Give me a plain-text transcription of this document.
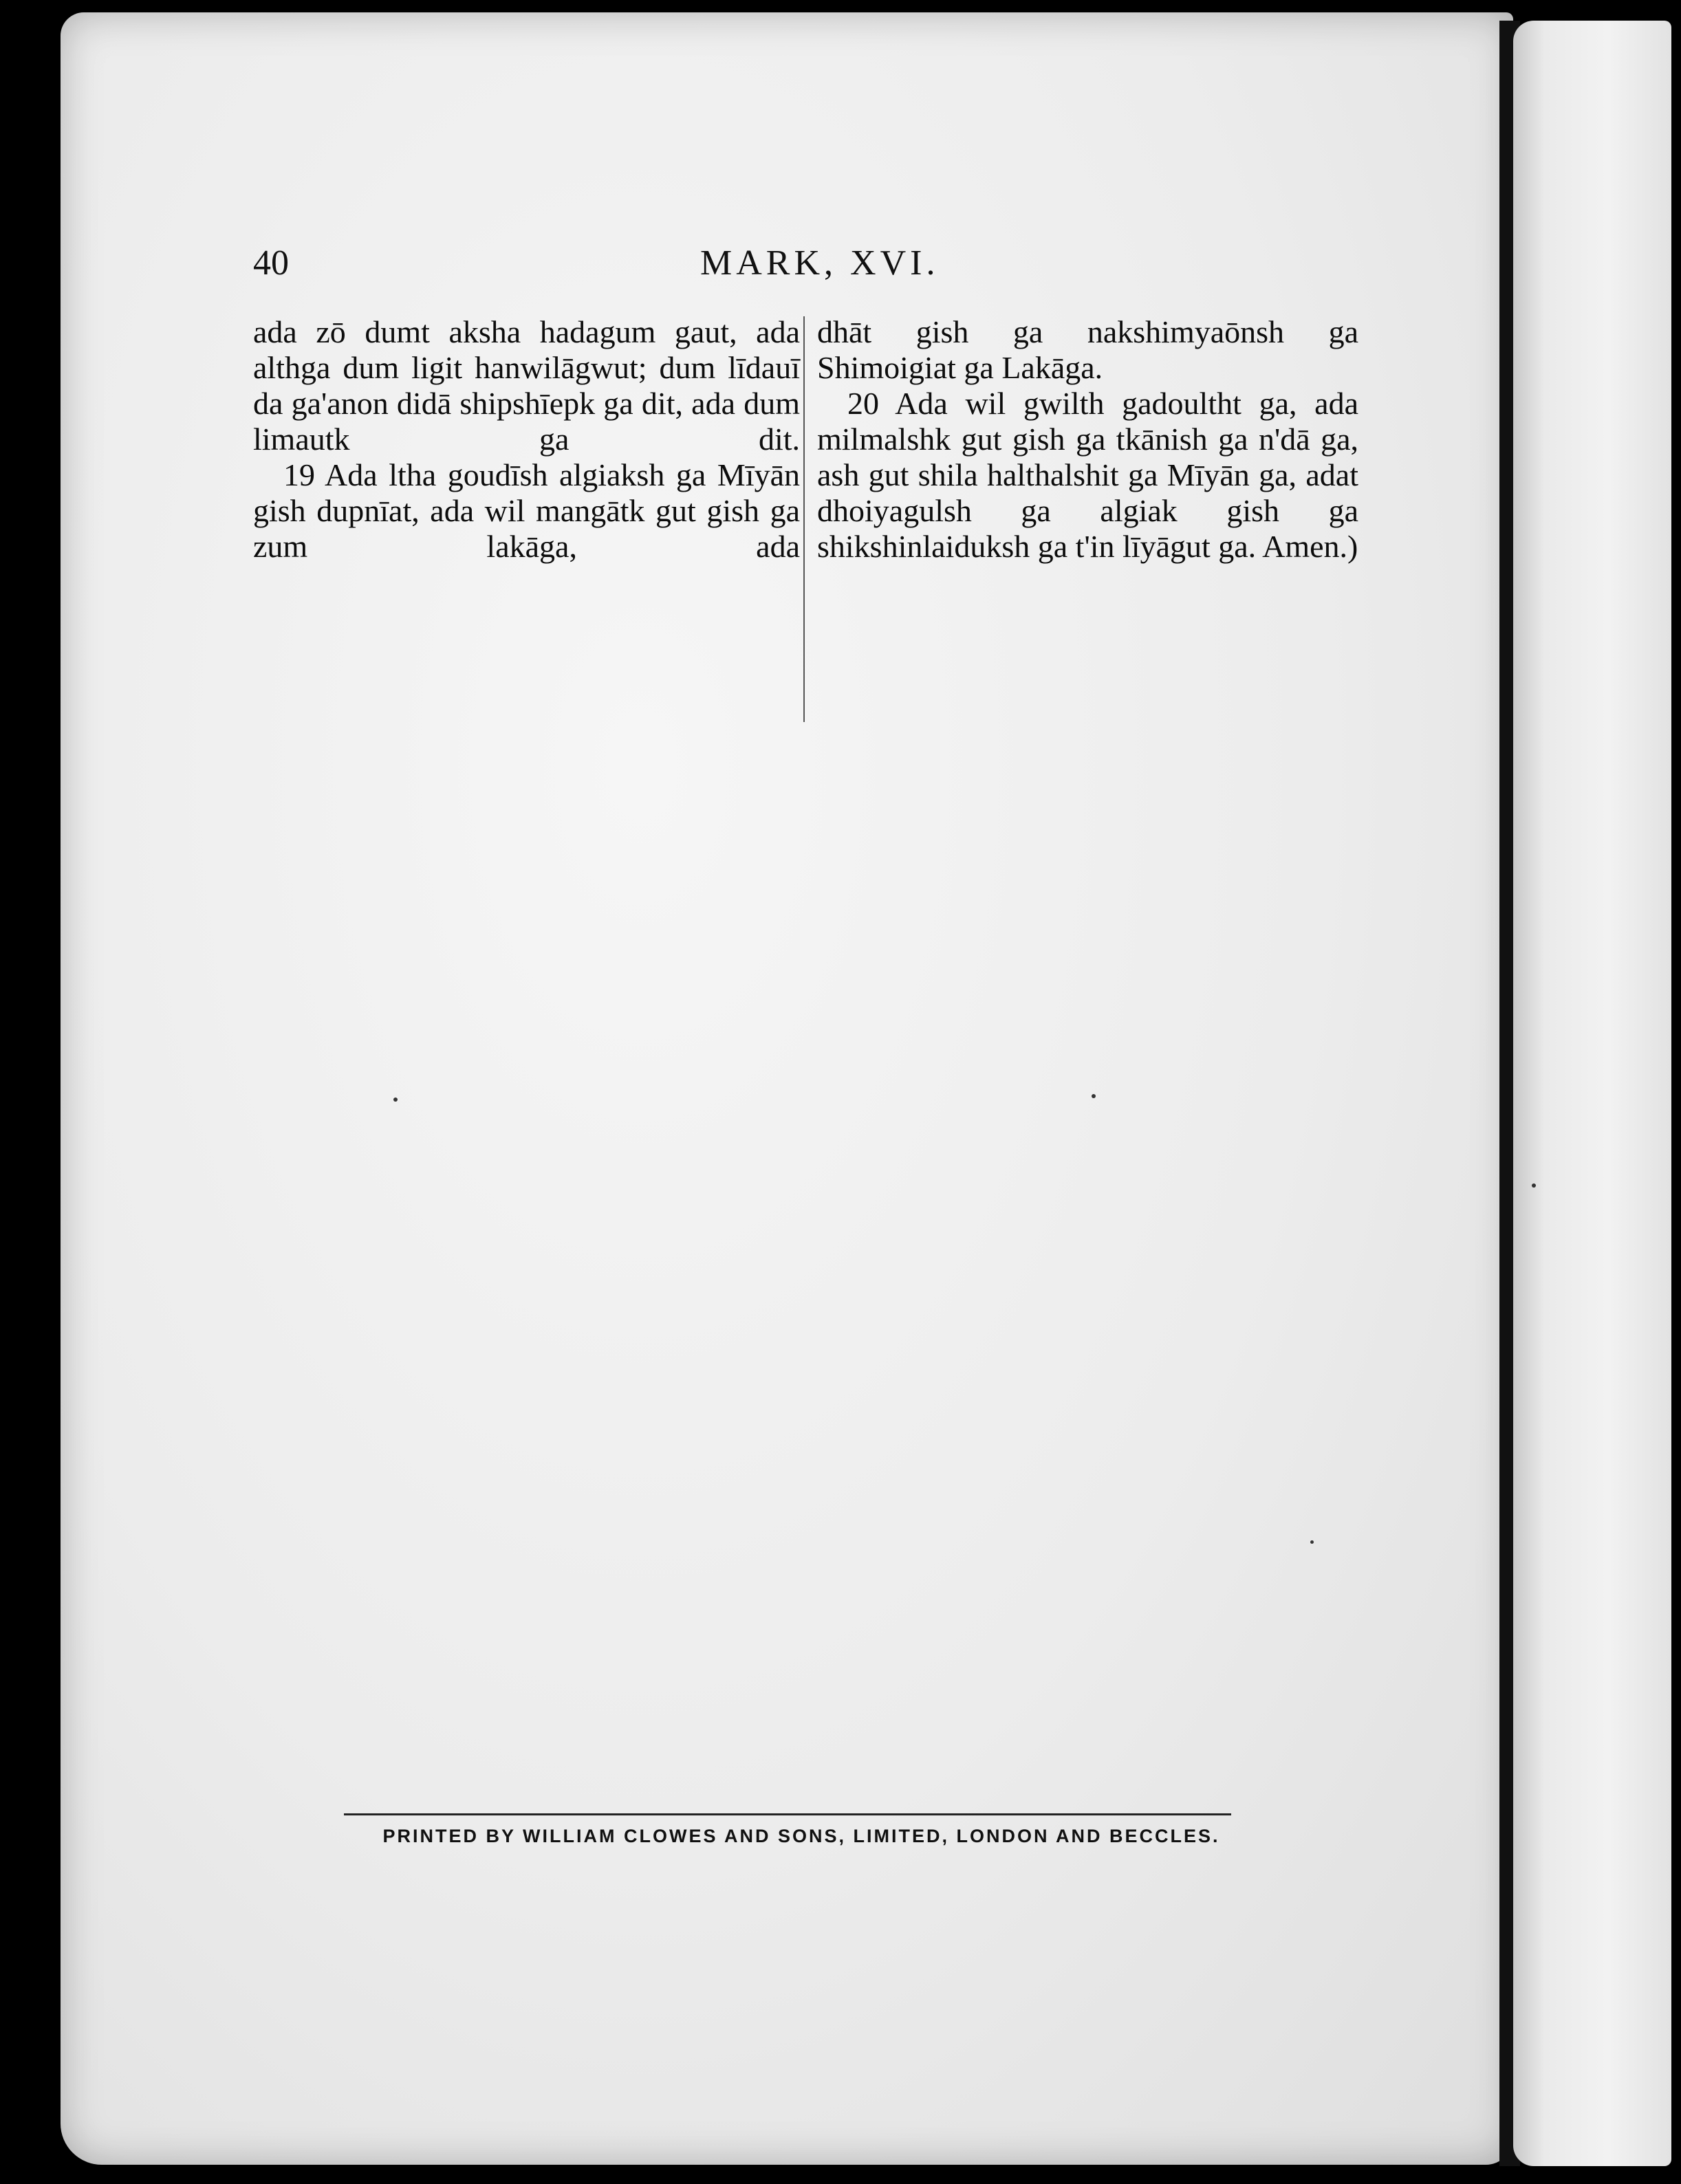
40	MARK, XVI.

ada zō dumt aksha hadagum gaut, ada althga dum ligit hanwilāgwut; dum līdauī da ga'anon didā shipshīepk ga dit, ada dum limautk ga dit.

19 Ada ltha goudīsh algiaksh ga Mīyān gish dupnīat, ada wil mangātk gut gish ga zum lakāga, ada

dhāt gish ga nakshimyaōnsh ga Shimoigiat ga Lakāga.

20 Ada wil gwilth gadoultht ga, ada milmalshk gut gish ga tkānish ga n'dā ga, ash gut shila halthalshit ga Mīyān ga, adat dhoiyagulsh ga algiak gish ga shikshinlaiduksh ga t'in līyāgut ga. Amen.)

PRINTED BY WILLIAM CLOWES AND SONS, LIMITED, LONDON AND BECCLES.
